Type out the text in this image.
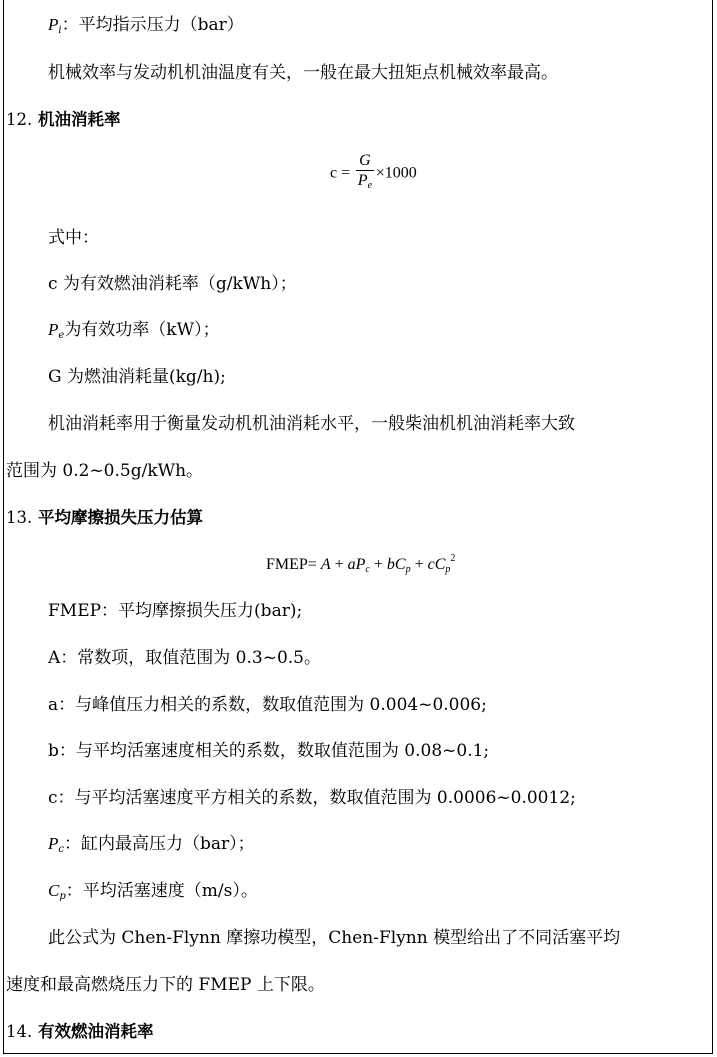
$P_i$：平均指示压力（bar）
机械效率与发动机机油温度有关，一般在最大扭矩点机械效率最高。
12. 机油消耗率
$c = \frac{G}{P_e} \times 1000$
式中：
c 为有效燃油消耗率（g/kWh）；
$P_e$为有效功率（kW）；
G 为燃油消耗量(kg/h);
机油消耗率用于衡量发动机机油消耗水平，一般柴油机机油消耗率大致
范围为 0.2~0.5g/kWh。
13. 平均摩擦损失压力估算
FMEP= $A + aP_c + bC_p + cC_p^2$
FMEP：平均摩擦损失压力(bar);
A：常数项，取值范围为 0.3~0.5。
a：与峰值压力相关的系数，数取值范围为 0.004~0.006;
b：与平均活塞速度相关的系数，数取值范围为 0.08~0.1;
c：与平均活塞速度平方相关的系数，数取值范围为 0.0006~0.0012;
$P_c$：缸内最高压力（bar）；
$C_p$：平均活塞速度（m/s）。
此公式为 Chen-Flynn 摩擦功模型，Chen-Flynn 模型给出了不同活塞平均
速度和最高燃烧压力下的 FMEP 上下限。
14. 有效燃油消耗率
